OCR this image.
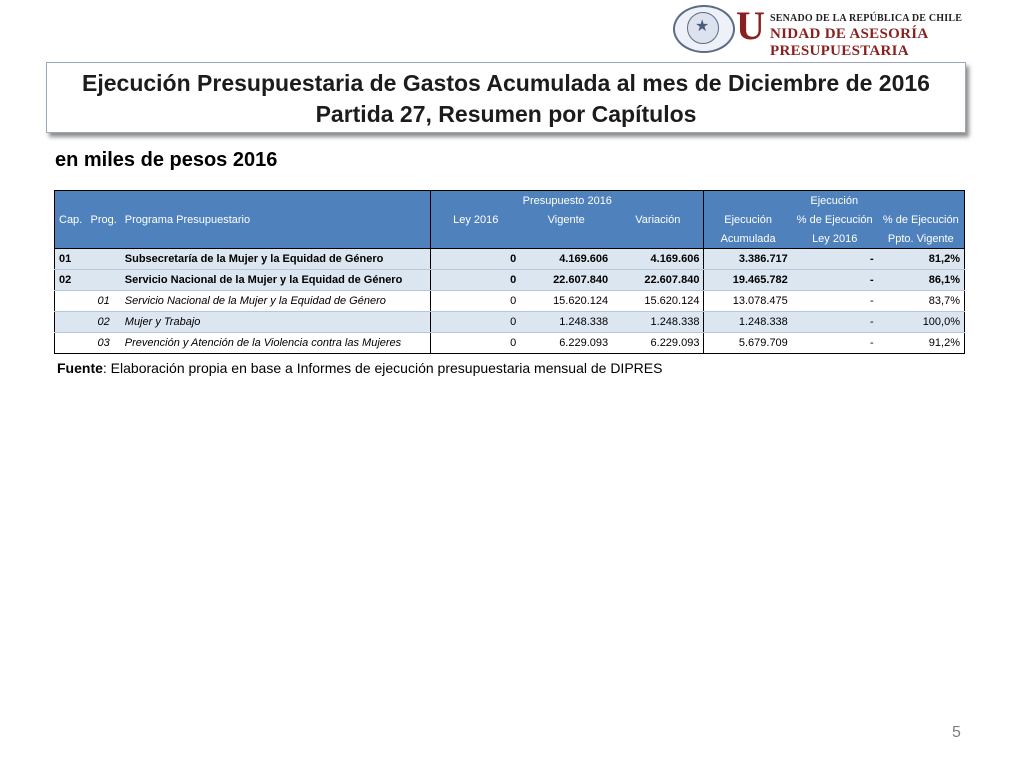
★ U SENADO DE LA REPÚBLICA DE CHILE
NIDAD DE ASESORÍA PRESUPUESTARIA
Ejecución Presupuestaria de Gastos Acumulada al mes de Diciembre de 2016
Partida 27, Resumen por Capítulos
en miles de pesos 2016
			Presupuesto 2016			Ejecución		
Cap.	Prog.	Programa Presupuestario	Ley 2016	Vigente	Variación	Ejecución	% de Ejecución	% de Ejecución
						Acumulada	Ley 2016	Ppto. Vigente
01		Subsecretaría de la Mujer y la Equidad de Género	0	4.169.606	4.169.606	3.386.717	-	81,2%
02		Servicio Nacional de la Mujer y la Equidad de Género	0	22.607.840	22.607.840	19.465.782	-	86,1%
	01	Servicio Nacional de la Mujer y la Equidad de Género	0	15.620.124	15.620.124	13.078.475	-	83,7%
	02	Mujer y Trabajo	0	1.248.338	1.248.338	1.248.338	-	100,0%
	03	Prevención y Atención de la Violencia contra las Mujeres	0	6.229.093	6.229.093	5.679.709	-	91,2%
Fuente: Elaboración propia en base a Informes de ejecución presupuestaria mensual de DIPRES
5
